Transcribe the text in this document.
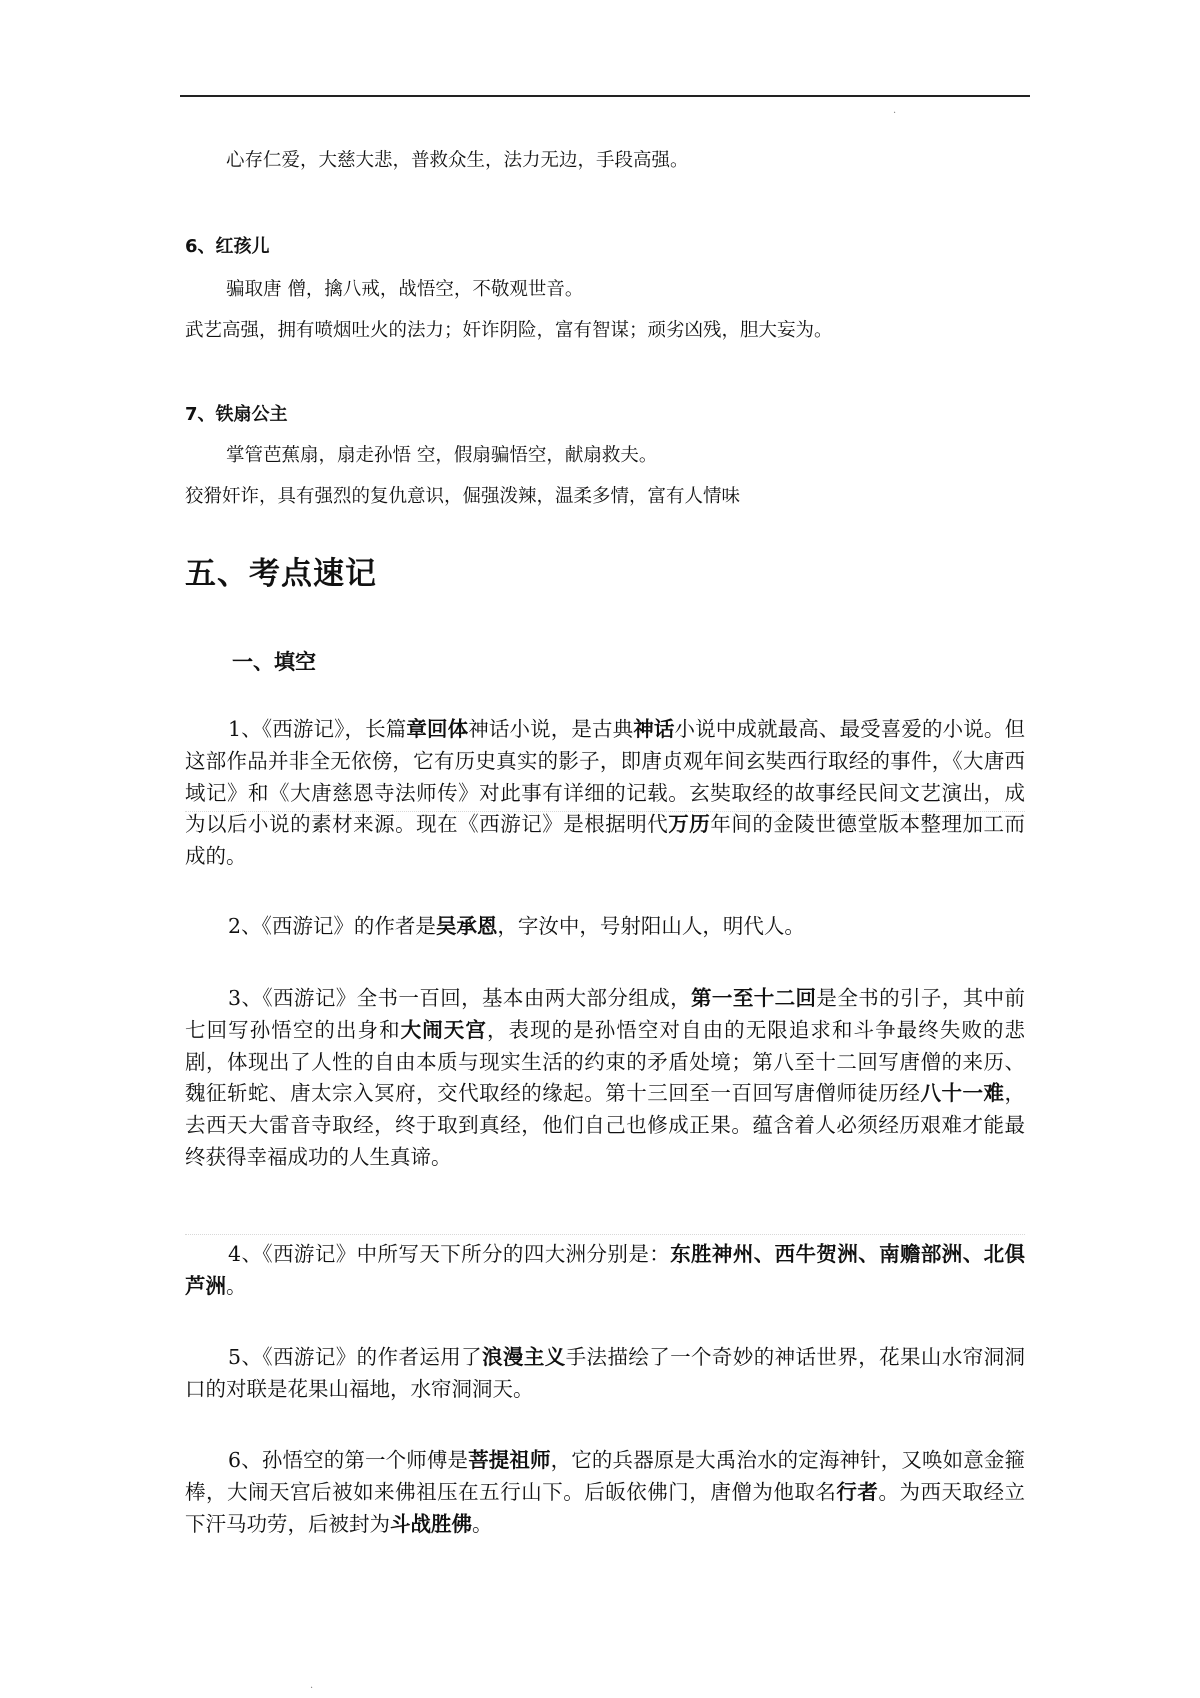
·
心存仁爱，大慈大悲，普救众生，法力无边，手段高强。
6、红孩儿
骗取唐 僧，擒八戒，战悟空，不敬观世音。
武艺高强，拥有喷烟吐火的法力；奸诈阴险，富有智谋；顽劣凶残，胆大妄为。
7、铁扇公主
掌管芭蕉扇，扇走孙悟 空，假扇骗悟空，献扇救夫。
狡猾奸诈，具有强烈的复仇意识，倔强泼辣，温柔多情，富有人情味
五、考点速记
一、填空
1、《西游记》，长篇章回体神话小说，是古典神话小说中成就最高、最受喜爱的小说。但这部作品并非全无依傍，它有历史真实的影子，即唐贞观年间玄奘西行取经的事件，《大唐西域记》和《大唐慈恩寺法师传》对此事有详细的记载。玄奘取经的故事经民间文艺演出，成为以后小说的素材来源。现在《西游记》是根据明代万历年间的金陵世德堂版本整理加工而成的。
2、《西游记》的作者是吴承恩，字汝中，号射阳山人，明代人。
3、《西游记》全书一百回，基本由两大部分组成，第一至十二回是全书的引子，其中前七回写孙悟空的出身和大闹天宫，表现的是孙悟空对自由的无限追求和斗争最终失败的悲剧，体现出了人性的自由本质与现实生活的约束的矛盾处境；第八至十二回写唐僧的来历、魏征斩蛇、唐太宗入冥府，交代取经的缘起。第十三回至一百回写唐僧师徒历经八十一难，去西天大雷音寺取经，终于取到真经，他们自己也修成正果。蕴含着人必须经历艰难才能最终获得幸福成功的人生真谛。
4、《西游记》中所写天下所分的四大洲分别是：东胜神州、西牛贺洲、南赡部洲、北俱芦洲。
5、《西游记》的作者运用了浪漫主义手法描绘了一个奇妙的神话世界，花果山水帘洞洞口的对联是花果山福地，水帘洞洞天。
6、孙悟空的第一个师傅是菩提祖师，它的兵器原是大禹治水的定海神针，又唤如意金箍棒，大闹天宫后被如来佛祖压在五行山下。后皈依佛门，唐僧为他取名行者。为西天取经立下汗马功劳，后被封为斗战胜佛。
·
